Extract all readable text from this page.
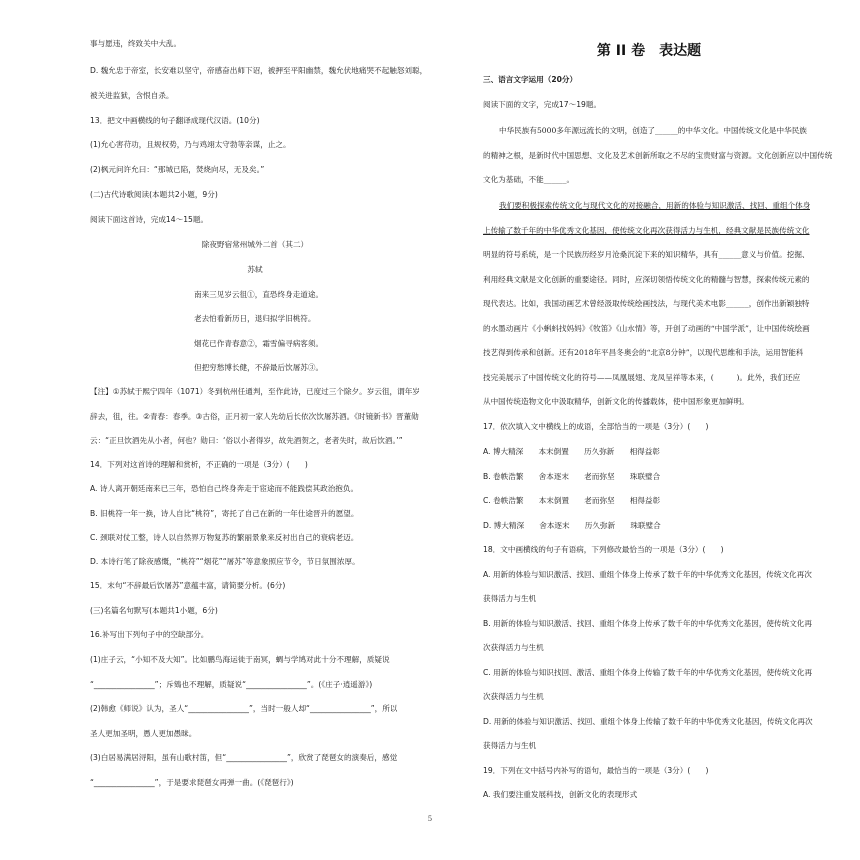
事与愿违，终致关中大乱。
D. 魏允忠于帝室，长安难以坚守，帝感奋出师下诏，被押至平阳幽禁，魏允伏地痛哭不起触怒刘聪，
被关进监狱，含恨自杀。
13．把文中画横线的句子翻译成现代汉语。(10分)
(1)允心害苻功，且规权势，乃与鸡翊太守勃等亲谋，止之。
(2)枫元问许允曰：“那城已陷，焚烧向尽，无及矣。”
(二)古代诗歌阅读(本题共2小题，9分)
阅读下面这首诗，完成14～15题。
除夜野宿常州城外二首（其二）
苏轼
南来三见岁云徂①，直恐终身走道途。
老去怕看新历日，退归拟学旧桃符。
烟花已作青春意②，霜雪偏寻病客须。
但把穷愁博长健，不辞最后饮屠苏③。
【注】①苏轼于熙宁四年（1071）冬到杭州任通判，至作此诗，已度过三个除夕。岁云徂，谓年岁
辞去，徂，往。②青春：春季。③古俗，正月初一家人先幼后长依次饮屠苏酒。《时镜新书》晋董勋
云：“正旦饮酒先从小者，何也？勋曰：‘俗以小者得岁，故先酒贺之，老者失时，故后饮酒。’”
14．下列对这首诗的理解和赏析，不正确的一项是（3分）(　　)
A. 诗人离开朝廷南来已三年，恐怕自己终身奔走于宦途而不能践偿其政治抱负。
B. 旧桃符一年一换，诗人自比“桃符”，寄托了自己在新的一年仕途晋升的愿望。
C. 颈联对仗工整，诗人以自然界万物复苏的繁丽景象来反衬出自己的衰病老迈。
D. 本诗行笔了除夜感慨，“桃符”“烟花”“屠苏”等意象照应节令，节日氛围浓厚。
15．末句“不辞最后饮屠苏”意蕴丰富，请简要分析。(6分)
(三)名篇名句默写(本题共1小题，6分)
16.补写出下列句子中的空缺部分。
(1)庄子云，“小知不及大知”。比如鹏鸟海运徙于南冥，蜩与学鸠对此十分不理解，质疑说
“________________”；斥鴳也不理解，质疑说“________________”。(《庄子·逍遥游》)
(2)韩愈《师说》认为，圣人“________________”，当时一般人却“________________”，所以
圣人更加圣明，愚人更加愚昧。
(3)白居易满居浔阳，虽有山歌村笛，但“________________”，欣赏了琵琶女的演奏后，感觉
“________________”，于是要求琵琶女再弹一曲。(《琵琶行》)
第 II 卷　表达题
三、语言文字运用（20分）
阅读下面的文字，完成17～19题。
中华民族有5000多年源远流长的文明，创造了______的中华文化。中国传统文化是中华民族
的精神之根，是新时代中国思想、文化及艺术创新所取之不尽的宝贵财富与资源。文化创新应以中国传统
文化为基础，不能______。
我们要积极探索传统文化与现代文化的对接融合，用新的体验与知识激活、找回、重组个体身
上传输了数千年的中华优秀文化基因，使传统文化再次获得活力与生机，经典文献是民族传统文化
明显的符号系统，是一个民族历经岁月沧桑沉淀下来的知识精华，具有______意义与价值。挖掘、
利用经典文献是文化创新的重要途径。同时，应深切领悟传统文化的精髓与智慧，探索传统元素的
现代表达。比如，我国动画艺术曾经汲取传统绘画技法，与现代美术电影______，创作出新颖独特
的水墨动画片《小蝌蚪找妈妈》《牧笛》《山水情》等，开创了动画的“中国学派”，让中国传统绘画
技艺得到传承和创新。还有2018年平昌冬奥会的“北京8分钟”，以现代思维和手法，运用智能科
技完美展示了中国传统文化的符号——凤凰展翅、龙凤呈祥等本来，(　　　)。此外，我们还应
从中国传统造物文化中汲取精华，创新文化的传播载体，使中国形象更加鲜明。
17．依次填入文中横线上的成语，全部恰当的一项是（3分）(　　)
A. 博大精深　　本末倒置　　历久弥新　　相得益彰
B. 卷帙浩繁　　舍本逐末　　老而弥坚　　珠联璧合
C. 卷帙浩繁　　本末倒置　　老而弥坚　　相得益彰
D. 博大精深　　舍本逐末　　历久弥新　　珠联璧合
18．文中画横线的句子有语病，下列修改最恰当的一项是（3分）(　　)
A. 用新的体验与知识激活、找回、重组个体身上传承了数千年的中华优秀文化基因，传统文化再次
获得活力与生机
B. 用新的体验与知识激活、找回、重组个体身上传承了数千年的中华优秀文化基因，使传统文化再
次获得活力与生机
C. 用新的体验与知识找回、激活、重组个体身上传输了数千年的中华优秀文化基因，使传统文化再
次获得活力与生机
D. 用新的体验与知识激活、找回、重组个体身上传输了数千年的中华优秀文化基因，传统文化再次
获得活力与生机
19．下列在文中括号内补写的语句，最恰当的一项是（3分）(　　)
A. 我们要注重发展科技，创新文化的表现形式
5
